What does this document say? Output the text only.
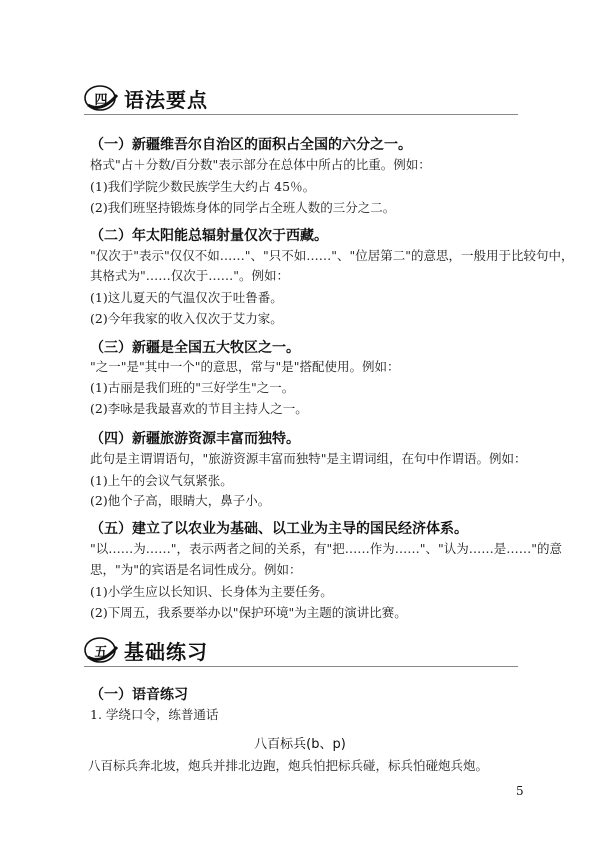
四 语法要点
（一）新疆维吾尔自治区的面积占全国的六分之一。
格式"占＋分数/百分数"表示部分在总体中所占的比重。例如：
(1)我们学院少数民族学生大约占 45％。
(2)我们班坚持锻炼身体的同学占全班人数的三分之二。
（二）年太阳能总辐射量仅次于西藏。
"仅次于"表示"仅仅不如……"、"只不如……"、"位居第二"的意思，一般用于比较句中，
其格式为"……仅次于……"。例如：
(1)这儿夏天的气温仅次于吐鲁番。
(2)今年我家的收入仅次于艾力家。
（三）新疆是全国五大牧区之一。
"之一"是"其中一个"的意思，常与"是"搭配使用。例如：
(1)古丽是我们班的"三好学生"之一。
(2)李咏是我最喜欢的节目主持人之一。
（四）新疆旅游资源丰富而独特。
此句是主谓谓语句，"旅游资源丰富而独特"是主谓词组，在句中作谓语。例如：
(1)上午的会议气氛紧张。
(2)他个子高，眼睛大，鼻子小。
（五）建立了以农业为基础、以工业为主导的国民经济体系。
"以……为……"，表示两者之间的关系，有"把……作为……"、"认为……是……"的意
思，"为"的宾语是名词性成分。例如：
(1)小学生应以长知识、长身体为主要任务。
(2)下周五，我系要举办以"保护环境"为主题的演讲比赛。
五 基础练习
（一）语音练习
1. 学绕口令，练普通话
八百标兵(b、p)
八百标兵奔北坡，炮兵并排北边跑，炮兵怕把标兵碰，标兵怕碰炮兵炮。
5
